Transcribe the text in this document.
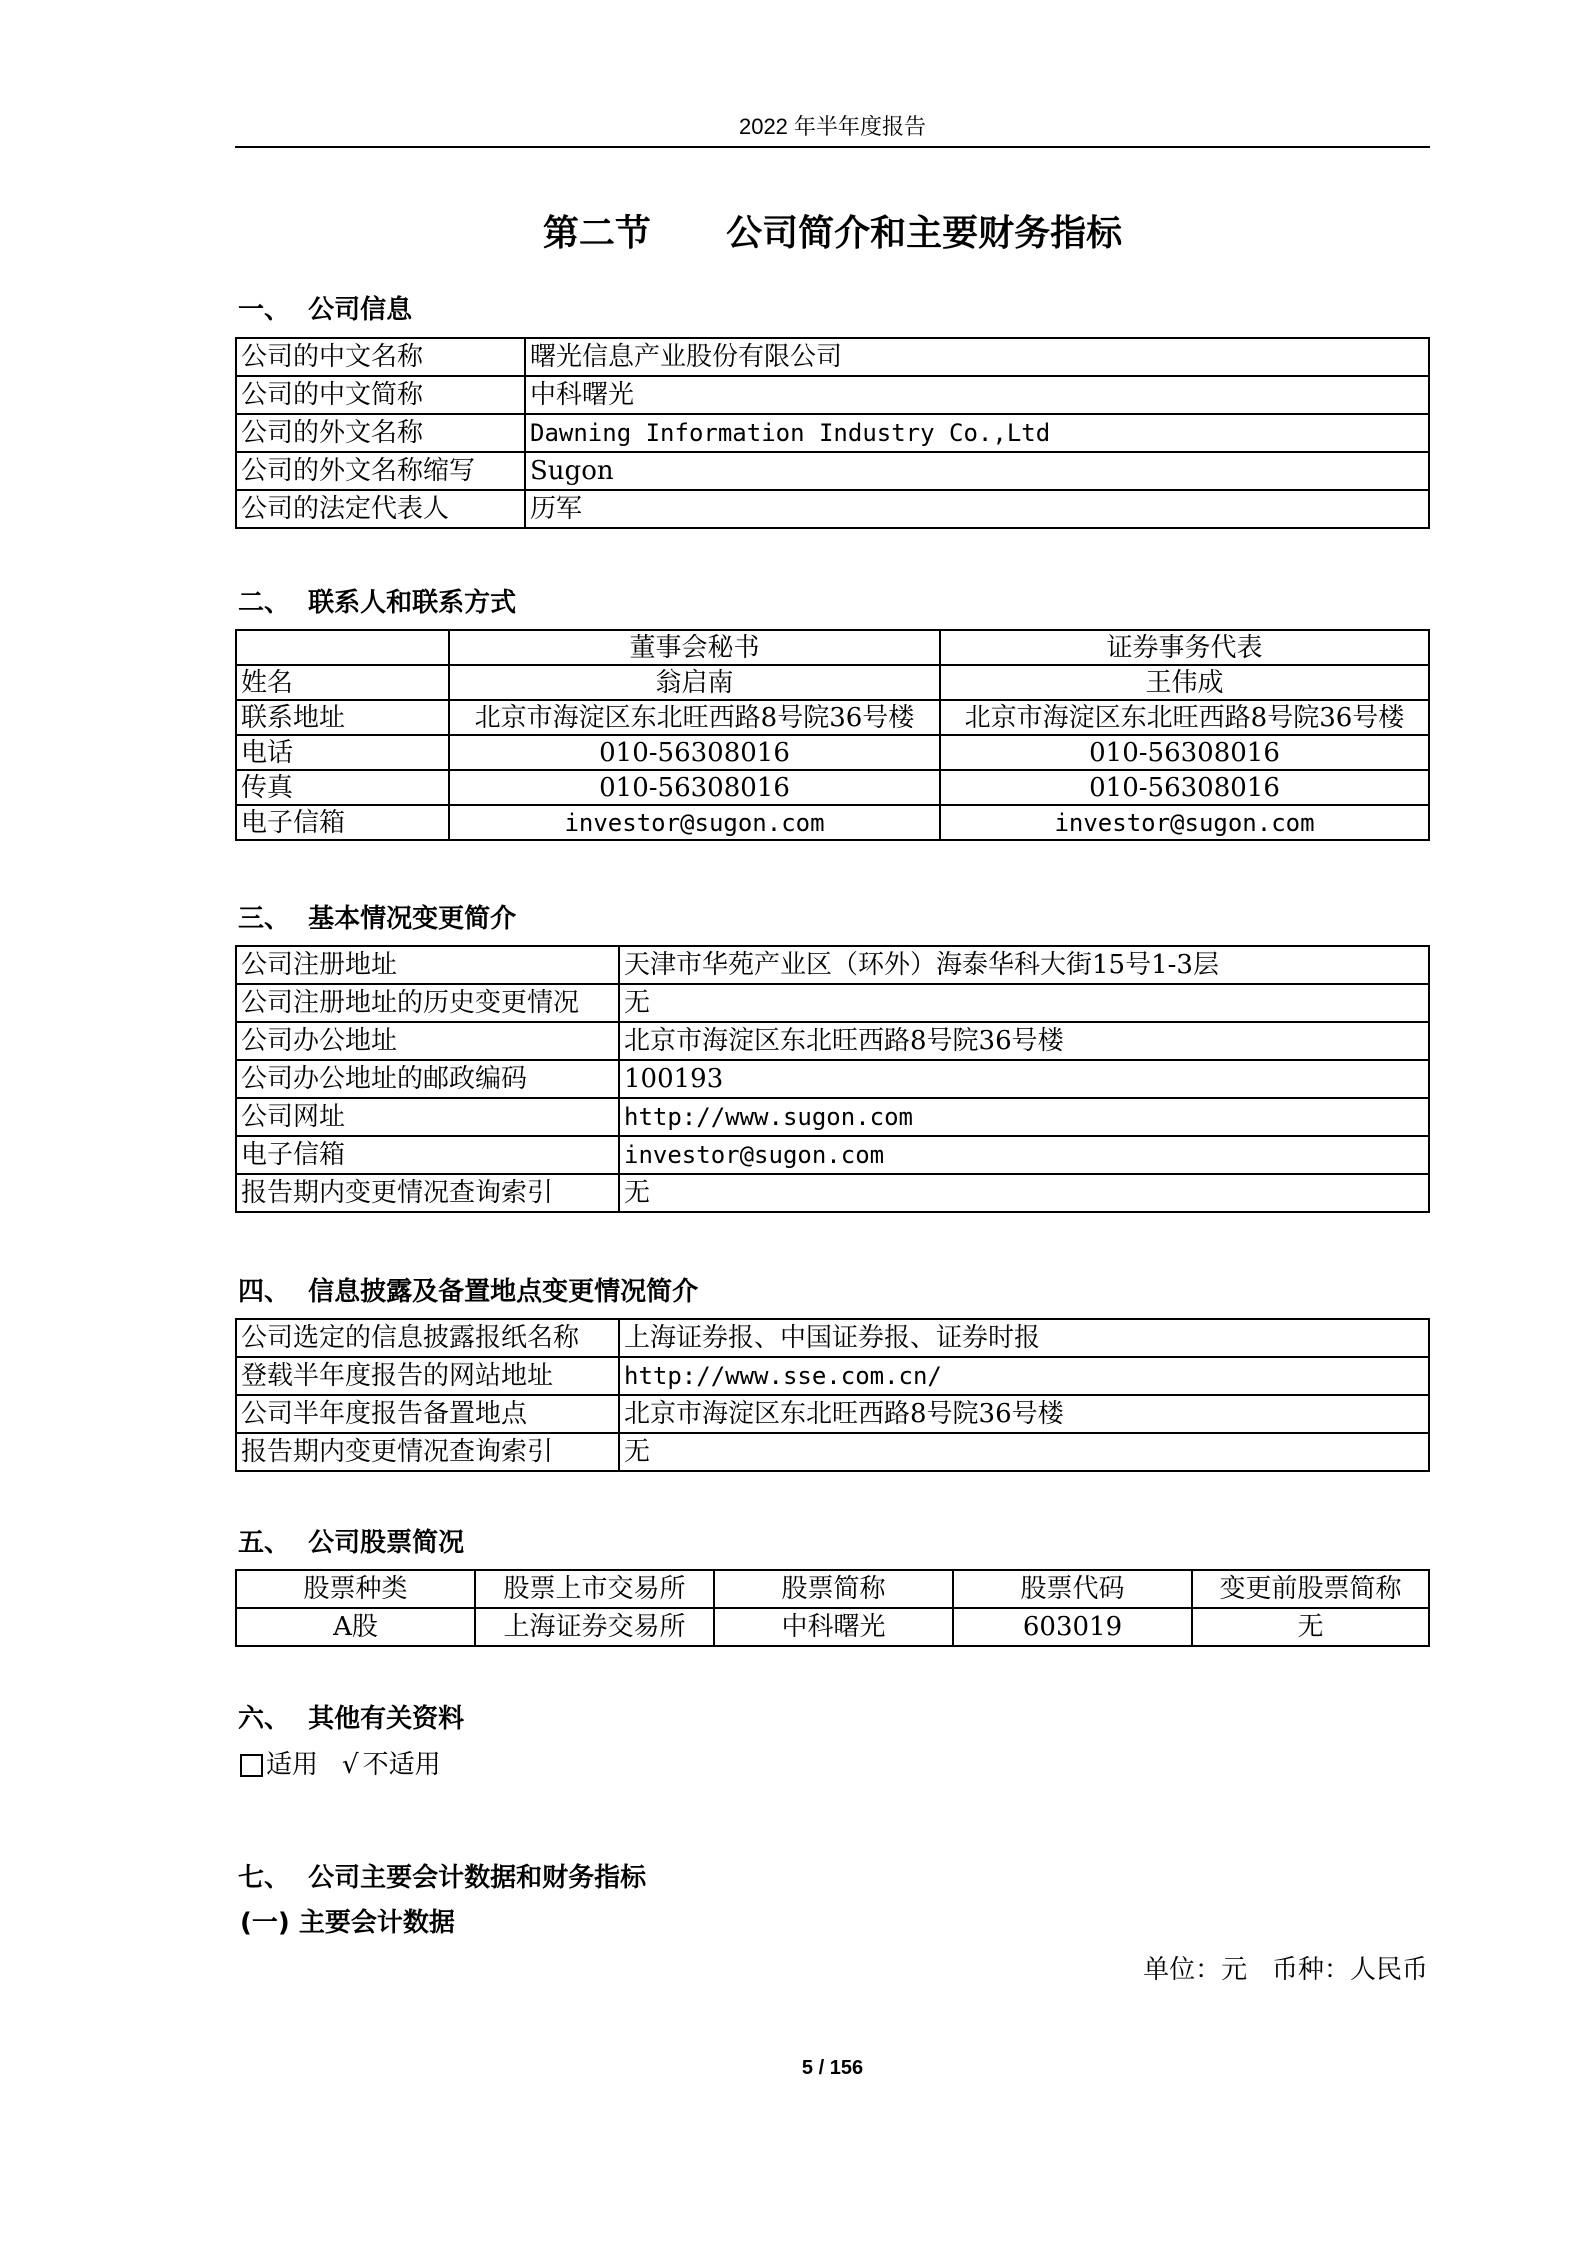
2022 年半年度报告
第二节 公司简介和主要财务指标
一、  公司信息
公司的中文名称	曙光信息产业股份有限公司
公司的中文简称	中科曙光
公司的外文名称	Dawning Information Industry Co.,Ltd
公司的外文名称缩写	Sugon
公司的法定代表人	历军
二、  联系人和联系方式
	董事会秘书	证券事务代表
姓名	翁启南	王伟成
联系地址	北京市海淀区东北旺西路8号院36号楼	北京市海淀区东北旺西路8号院36号楼
电话	010-56308016	010-56308016
传真	010-56308016	010-56308016
电子信箱	investor@sugon.com	investor@sugon.com
三、  基本情况变更简介
公司注册地址	天津市华苑产业区（环外）海泰华科大街15号1-3层
公司注册地址的历史变更情况	无
公司办公地址	北京市海淀区东北旺西路8号院36号楼
公司办公地址的邮政编码	100193
公司网址	http://www.sugon.com
电子信箱	investor@sugon.com
报告期内变更情况查询索引	无
四、  信息披露及备置地点变更情况简介
公司选定的信息披露报纸名称	上海证券报、中国证券报、证券时报
登载半年度报告的网站地址	http://www.sse.com.cn/
公司半年度报告备置地点	北京市海淀区东北旺西路8号院36号楼
报告期内变更情况查询索引	无
五、  公司股票简况
股票种类	股票上市交易所	股票简称	股票代码	变更前股票简称
A股	上海证券交易所	中科曙光	603019	无
六、  其他有关资料
适用 √ 不适用
七、  公司主要会计数据和财务指标
(一) 主要会计数据
单位：元 币种：人民币
5 / 156
